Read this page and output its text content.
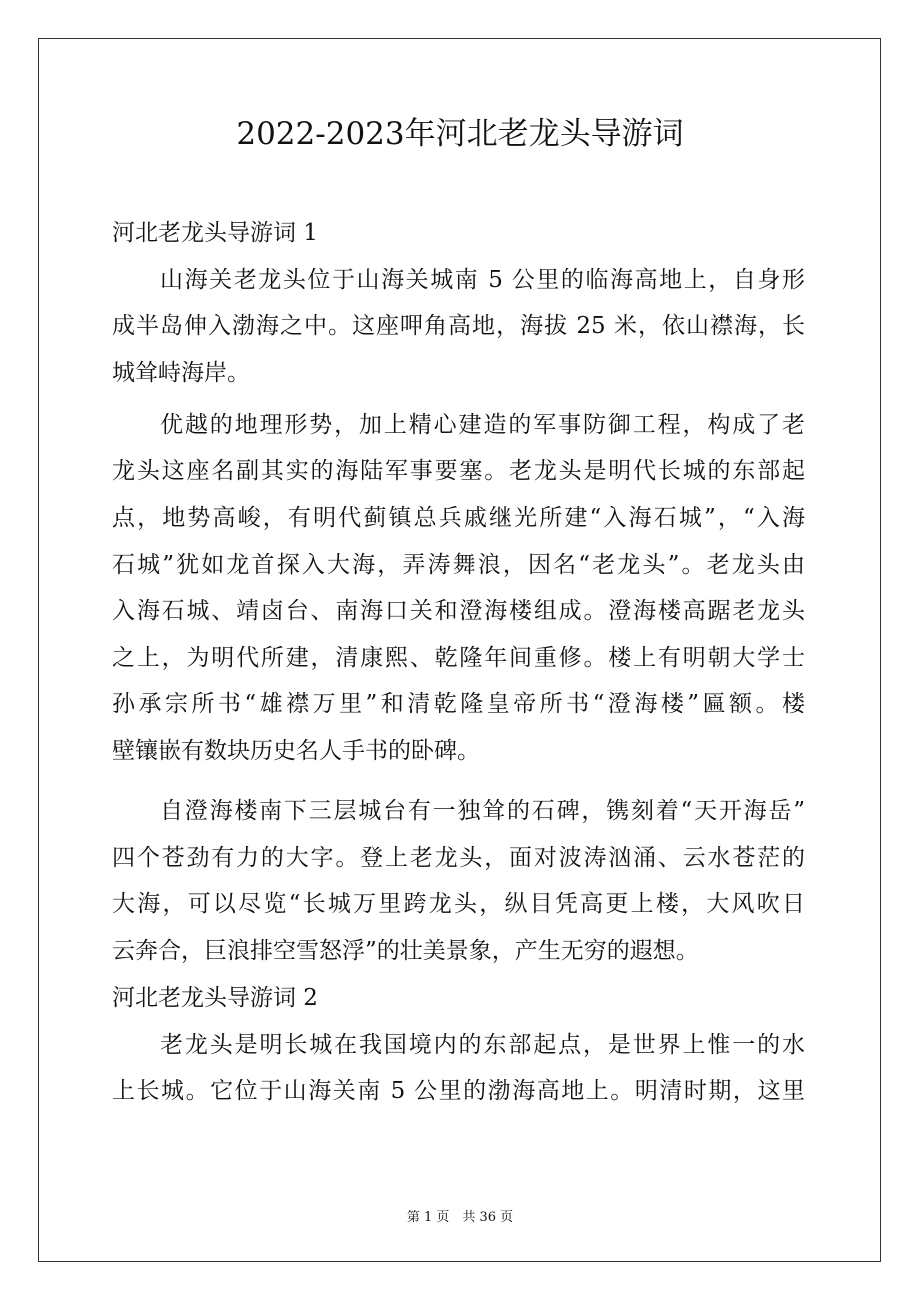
2022-2023年河北老龙头导游词
河北老龙头导游词 1
山海关老龙头位于山海关城南 5 公里的临海高地上，自身形
成半岛伸入渤海之中。这座呷角高地，海拔 25 米，依山襟海，长
城耸峙海岸。
优越的地理形势，加上精心建造的军事防御工程，构成了老
龙头这座名副其实的海陆军事要塞。老龙头是明代长城的东部起
点，地势高峻，有明代蓟镇总兵戚继光所建“入海石城”，“入海
石城”犹如龙首探入大海，弄涛舞浪，因名“老龙头”。老龙头由
入海石城、靖卤台、南海口关和澄海楼组成。澄海楼高踞老龙头
之上，为明代所建，清康熙、乾隆年间重修。楼上有明朝大学士
孙承宗所书“雄襟万里”和清乾隆皇帝所书“澄海楼”匾额。楼
壁镶嵌有数块历史名人手书的卧碑。
自澄海楼南下三层城台有一独耸的石碑，镌刻着“天开海岳”
四个苍劲有力的大字。登上老龙头，面对波涛汹涌、云水苍茫的
大海，可以尽览“长城万里跨龙头，纵目凭高更上楼，大风吹日
云奔合，巨浪排空雪怒浮”的壮美景象，产生无穷的遐想。
河北老龙头导游词 2
老龙头是明长城在我国境内的东部起点，是世界上惟一的水
上长城。它位于山海关南 5 公里的渤海高地上。明清时期，这里
第 1 页　共 36 页
